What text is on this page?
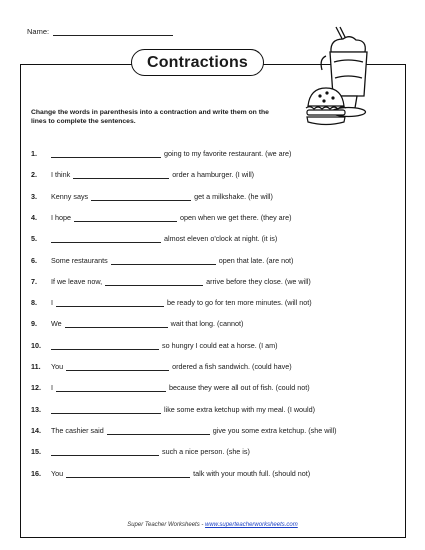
Name:
Contractions
Change the words in parenthesis into a contraction and write them on the lines to complete the sentences.
1.	going to my favorite restaurant. (we are)
2.	I think	order a hamburger. (I will)
3.	Kenny says	get a milkshake. (he will)
4.	I hope	open when we get there. (they are)
5.	almost eleven o'clock at night. (it is)
6.	Some restaurants	open that late. (are not)
7.	If we leave now,	arrive before they close. (we will)
8.	I	be ready to go for ten more minutes. (will not)
9.	We	wait that long. (cannot)
10.	so hungry I could eat a horse. (I am)
11.	You	ordered a fish sandwich. (could have)
12.	I	because they were all out of fish. (could not)
13.	like some extra ketchup with my meal. (I would)
14.	The cashier said	give you some extra ketchup. (she will)
15.	such a nice person. (she is)
16.	You	talk with your mouth full. (should not)
Super Teacher Worksheets - www.superteacherworksheets.com
